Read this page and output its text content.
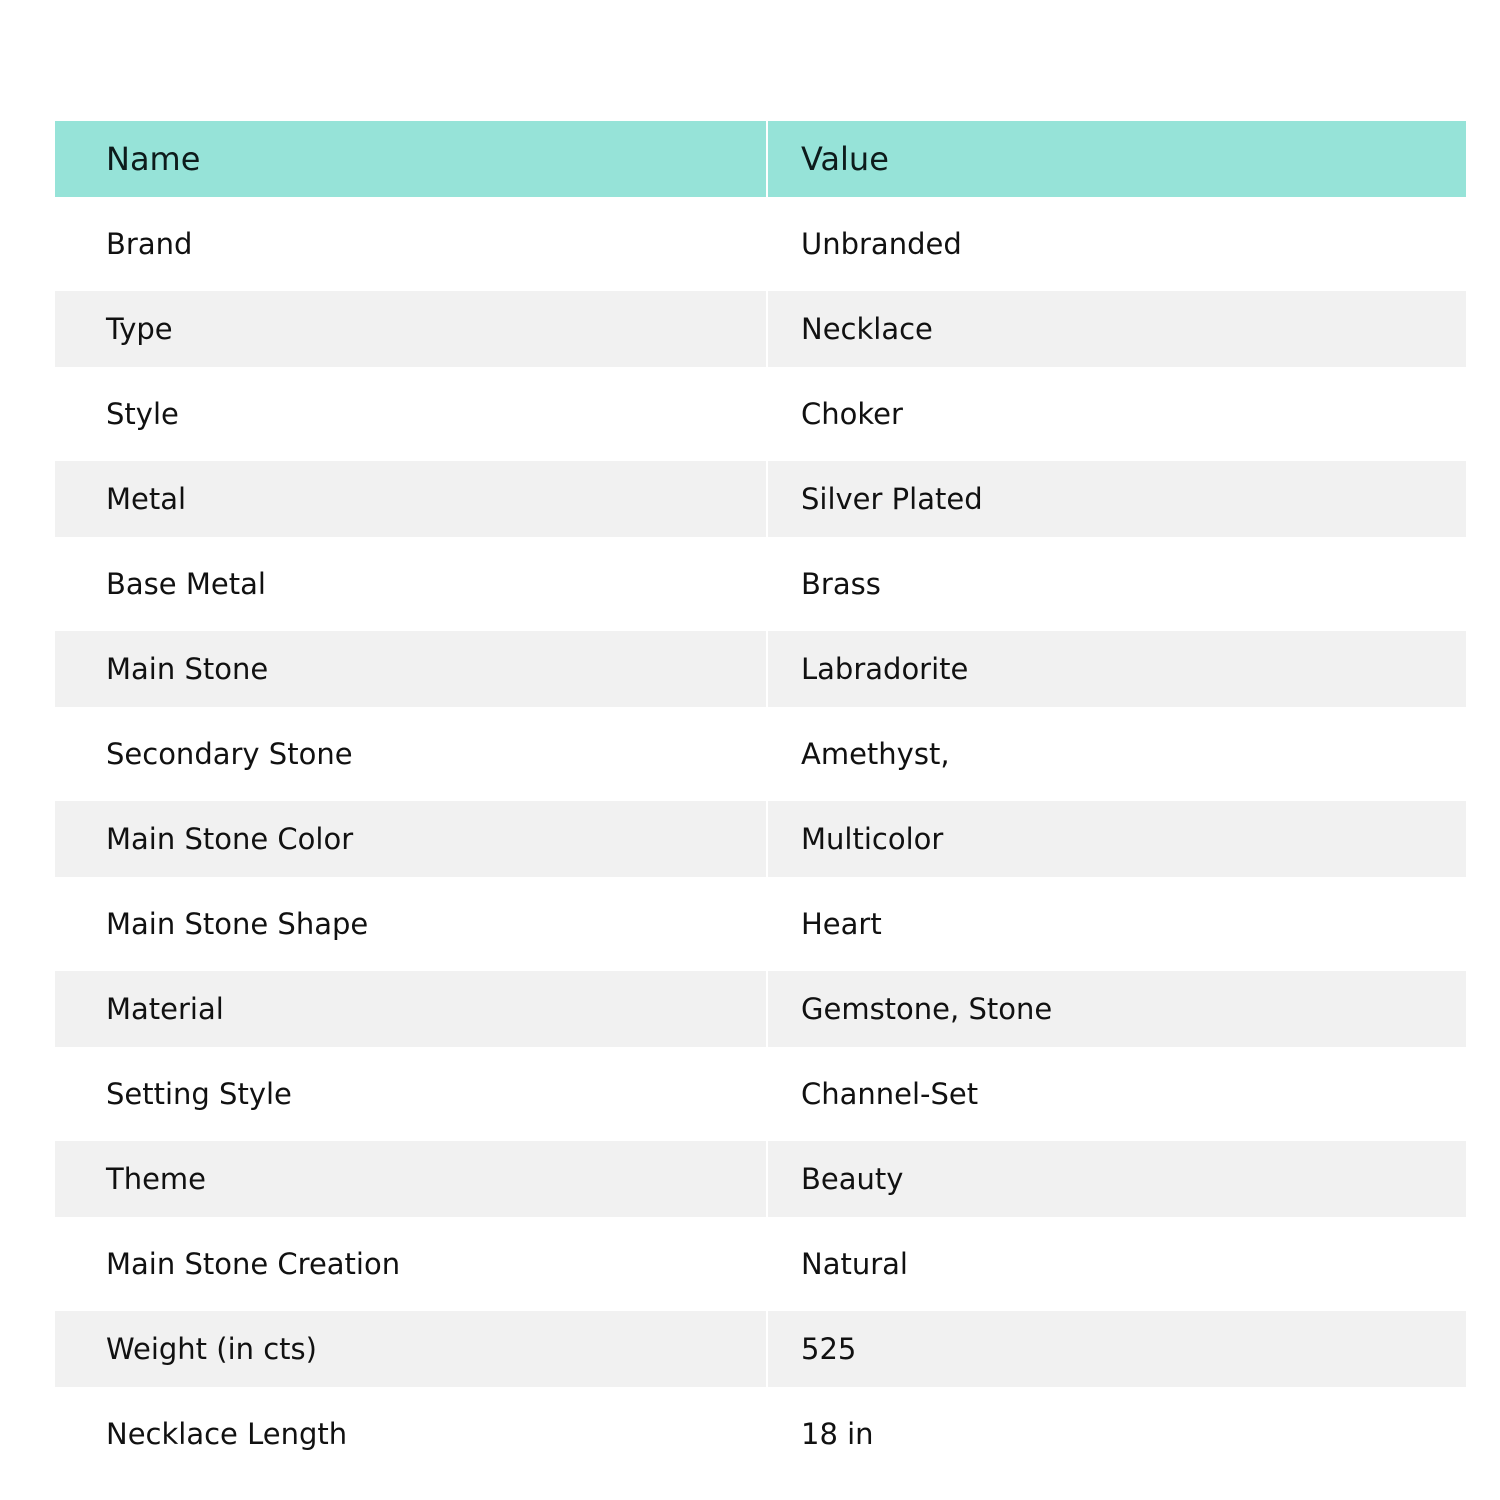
Name	Value
Brand	Unbranded
Type	Necklace
Style	Choker
Metal	Silver Plated
Base Metal	Brass
Main Stone	Labradorite
Secondary Stone	Amethyst,
Main Stone Color	Multicolor
Main Stone Shape	Heart
Material	Gemstone, Stone
Setting Style	Channel-Set
Theme	Beauty
Main Stone Creation	Natural
Weight (in cts)	525
Necklace Length	18 in
